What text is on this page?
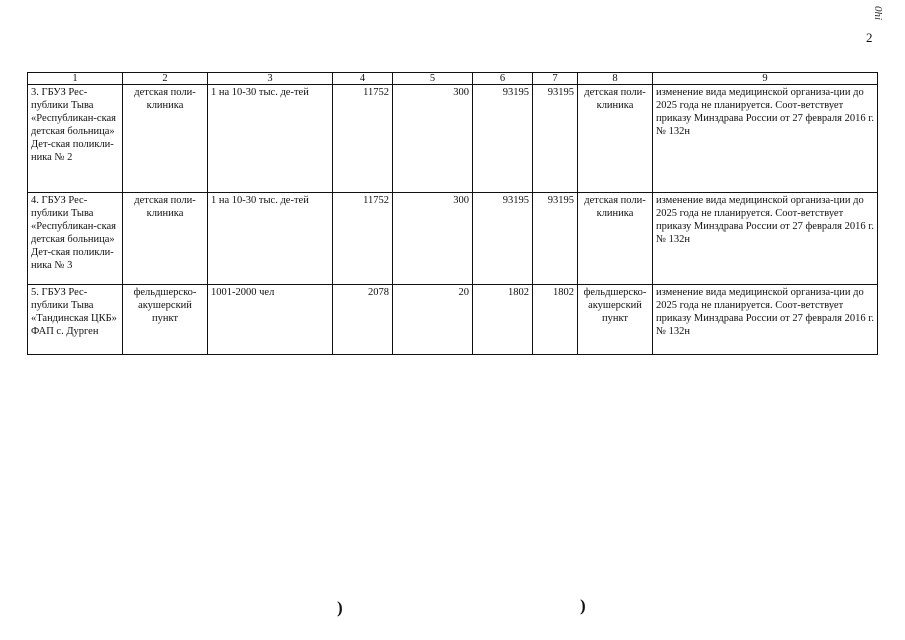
0hi
2
1	2	3	4	5	6	7	8	9
3. ГБУЗ Рес-публики Тыва «Республикан-ская детская больница» Дет-ская поликли-ника № 2	детская поли-клиника	1 на 10-30 тыс. де-тей	11752	300	93195	93195	детская поли-клиника	изменение вида медицинской организа-ции до 2025 года не планируется. Соот-ветствует приказу Минздрава России от 27 февраля 2016 г. № 132н
4. ГБУЗ Рес-публики Тыва «Республикан-ская детская больница» Дет-ская поликли-ника № 3	детская поли-клиника	1 на 10-30 тыс. де-тей	11752	300	93195	93195	детская поли-клиника	изменение вида медицинской организа-ции до 2025 года не планируется. Соот-ветствует приказу Минздрава России от 27 февраля 2016 г. № 132н
5. ГБУЗ Рес-публики Тыва «Тандинская ЦКБ» ФАП с. Дурген	фельдшерско-акушерский пункт	1001-2000 чел	2078	20	1802	1802	фельдшерско-акушерский пункт	изменение вида медицинской организа-ции до 2025 года не планируется. Соот-ветствует приказу Минздрава России от 27 февраля 2016 г. № 132н
)	)
